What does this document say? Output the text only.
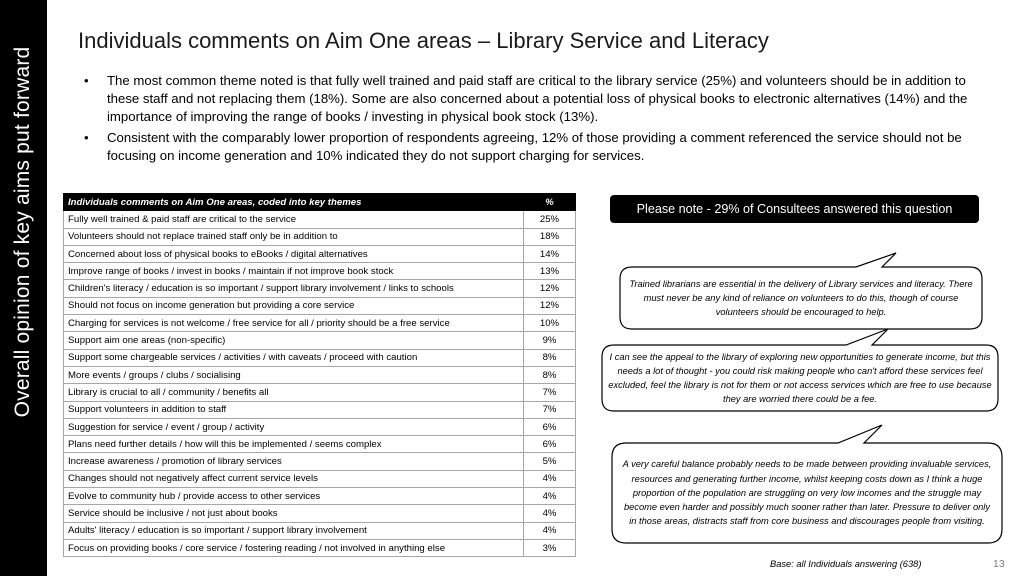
Overall opinion of key aims put forward
Individuals comments on Aim One areas – Library Service and Literacy
• The most common theme noted is that fully well trained and paid staff are critical to the library service (25%) and volunteers should be in addition to these staff and not replacing them (18%). Some are also concerned about a potential loss of physical books to electronic alternatives (14%) and the importance of improving the range of books / investing in physical book stock (13%).
• Consistent with the comparably lower proportion of respondents agreeing, 12% of those providing a comment referenced the service should not be focusing on income generation and 10% indicated they do not support charging for services.
Individuals comments on Aim One areas, coded into key themes	%
Fully well trained & paid staff are critical to the service	25%
Volunteers should not replace trained staff only be in addition to	18%
Concerned about loss of physical books to eBooks / digital alternatives	14%
Improve range of books / invest in books / maintain if not improve book stock	13%
Children's literacy / education is so important / support library involvement / links to schools	12%
Should not focus on income generation but providing a core service	12%
Charging for services is not welcome / free service for all / priority should be a free service	10%
Support aim one areas (non-specific)	9%
Support some chargeable services / activities / with caveats / proceed with caution	8%
More events / groups / clubs / socialising	8%
Library is crucial to all / community / benefits all	7%
Support volunteers in addition to staff	7%
Suggestion for service / event / group / activity	6%
Plans need further details / how will this be implemented / seems complex	6%
Increase awareness / promotion of library services	5%
Changes should not negatively affect current service levels	4%
Evolve to community hub / provide access to other services	4%
Service should be inclusive / not just about books	4%
Adults' literacy / education is so important / support library involvement	4%
Focus on providing books / core service / fostering reading / not involved in anything else	3%
Please note - 29% of Consultees answered this question
Trained librarians are essential in the delivery of Library services and literacy. There must never be any kind of reliance on volunteers to do this, though of course volunteers should be encouraged to help.
I can see the appeal to the library of exploring new opportunities to generate income, but this needs a lot of thought - you could risk making people who can't afford these services feel excluded, feel the library is not for them or not access services which are free to use because they are worried there could be a fee.
A very careful balance probably needs to be made between providing invaluable services, resources and generating further income, whilst keeping costs down as I think a huge proportion of the population are struggling on very low incomes and the struggle may become even harder and possibly much sooner rather than later. Pressure to deliver only in those areas, distracts staff from core business and discourages people from visiting.
Base: all Individuals answering (638)	13
